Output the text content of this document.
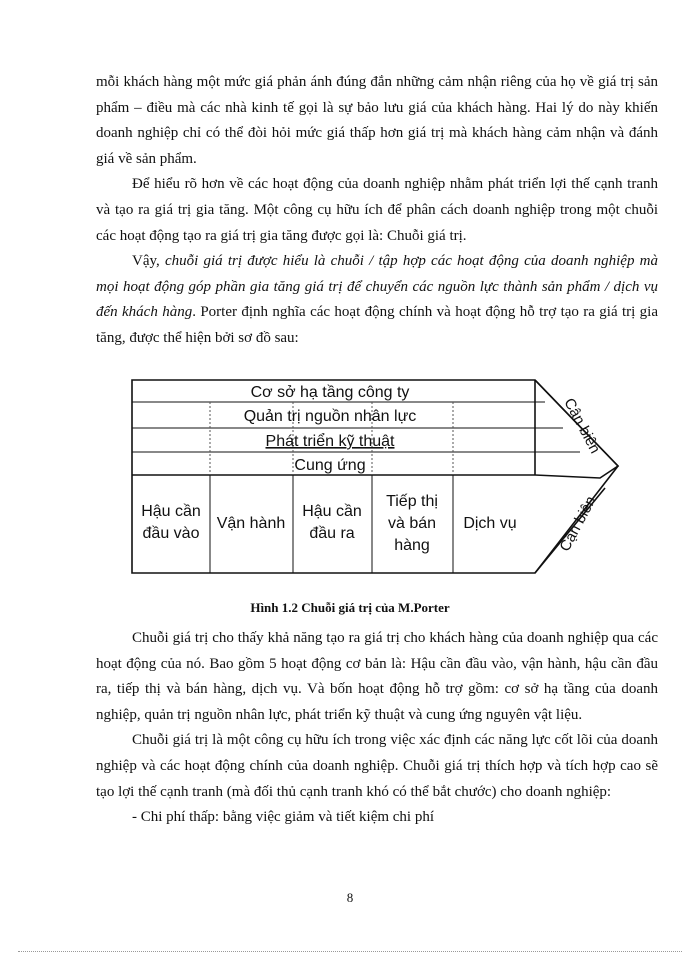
mỗi khách hàng một mức giá phản ánh đúng đắn những cảm nhận riêng của họ về giá trị sản phẩm – điều mà các nhà kinh tế gọi là sự bảo lưu giá của khách hàng. Hai lý do này khiến doanh nghiệp chỉ có thể đòi hỏi mức giá thấp hơn giá trị mà khách hàng cảm nhận và đánh giá về sản phẩm.

Để hiểu rõ hơn về các hoạt động của doanh nghiệp nhằm phát triển lợi thế cạnh tranh và tạo ra giá trị gia tăng. Một công cụ hữu ích để phân cách doanh nghiệp trong một chuỗi các hoạt động tạo ra giá trị gia tăng được gọi là: Chuỗi giá trị.

Vậy, chuỗi giá trị được hiểu là chuỗi / tập hợp các hoạt động của doanh nghiệp mà mọi hoạt động góp phần gia tăng giá trị để chuyển các nguồn lực thành sản phẩm / dịch vụ đến khách hàng. Porter định nghĩa các hoạt động chính và hoạt động hỗ trợ tạo ra giá trị gia tăng, được thể hiện bởi sơ đồ sau:

Cơ sở hạ tầng công ty
Quản trị nguồn nhân lực
Phát triển kỹ thuật
Cung ứng
Hậu cần
đầu vào
Vận hành
Hậu cần
đầu ra
Tiếp thị
và bán
hàng
Dịch vụ
Cận biên
Cận biên
Hình 1.2 Chuỗi giá trị của M.Porter

Chuỗi giá trị cho thấy khả năng tạo ra giá trị cho khách hàng của doanh nghiệp qua các hoạt động của nó. Bao gồm 5 hoạt động cơ bản là: Hậu cần đầu vào, vận hành, hậu cần đầu ra, tiếp thị và bán hàng, dịch vụ. Và bốn hoạt động hỗ trợ gồm: cơ sở hạ tầng của doanh nghiệp, quản trị nguồn nhân lực, phát triển kỹ thuật và cung ứng nguyên vật liệu.

Chuỗi giá trị là một công cụ hữu ích trong việc xác định các năng lực cốt lõi của doanh nghiệp và các hoạt động chính của doanh nghiệp. Chuỗi giá trị thích hợp và tích hợp cao sẽ tạo lợi thế cạnh tranh (mà đối thủ cạnh tranh khó có thể bắt chước) cho doanh nghiệp:

- Chi phí thấp: bằng việc giảm và tiết kiệm chi phí

8
